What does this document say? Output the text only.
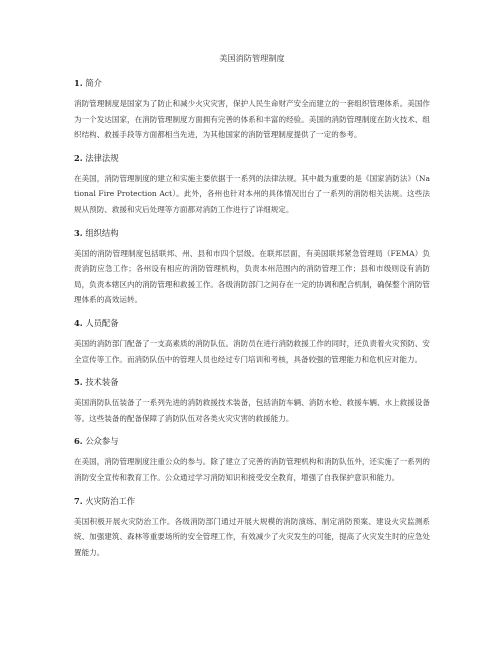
美国消防管理制度
1. 简介

消防管理制度是国家为了防止和减少火灾灾害，保护人民生命财产安全而建立的一套组织管理体系。美国作为一个发达国家，在消防管理制度方面拥有完善的体系和丰富的经验。美国的消防管理制度在防火技术、组织结构、救援手段等方面都相当先进，为其他国家的消防管理制度提供了一定的参考。

2. 法律法规

在美国，消防管理制度的建立和实施主要依据于一系列的法律法规。其中最为重要的是《国家消防法》（National Fire Protection Act）。此外，各州也针对本州的具体情况出台了一系列的消防相关法规。这些法规从预防、救援和灾后处理等方面都对消防工作进行了详细规定。

3. 组织结构

美国的消防管理制度包括联邦、州、县和市四个层级。在联邦层面，有美国联邦紧急管理局（FEMA）负责消防应急工作；各州设有相应的消防管理机构，负责本州范围内的消防管理工作；县和市级则设有消防局，负责本辖区内的消防管理和救援工作。各级消防部门之间存在一定的协调和配合机制，确保整个消防管理体系的高效运转。

4. 人员配备

美国的消防部门配备了一支高素质的消防队伍。消防员在进行消防救援工作的同时，还负责着火灾预防、安全宣传等工作。而消防队伍中的管理人员也经过专门培训和考核，具备较强的管理能力和危机应对能力。

5. 技术装备

美国消防队伍装备了一系列先进的消防救援技术装备，包括消防车辆、消防水枪、救援车辆、水上救援设备等。这些装备的配备保障了消防队伍对各类火灾灾害的救援能力。

6. 公众参与

在美国，消防管理制度注重公众的参与。除了建立了完善的消防管理机构和消防队伍外，还实施了一系列的消防安全宣传和教育工作。公众通过学习消防知识和接受安全教育，增强了自我保护意识和能力。

7. 火灾防治工作

美国积极开展火灾防治工作。各级消防部门通过开展大规模的消防演练、制定消防预案、建设火灾监测系统、加强建筑、森林等重要场所的安全管理工作，有效减少了火灾发生的可能，提高了火灾发生时的应急处置能力。
